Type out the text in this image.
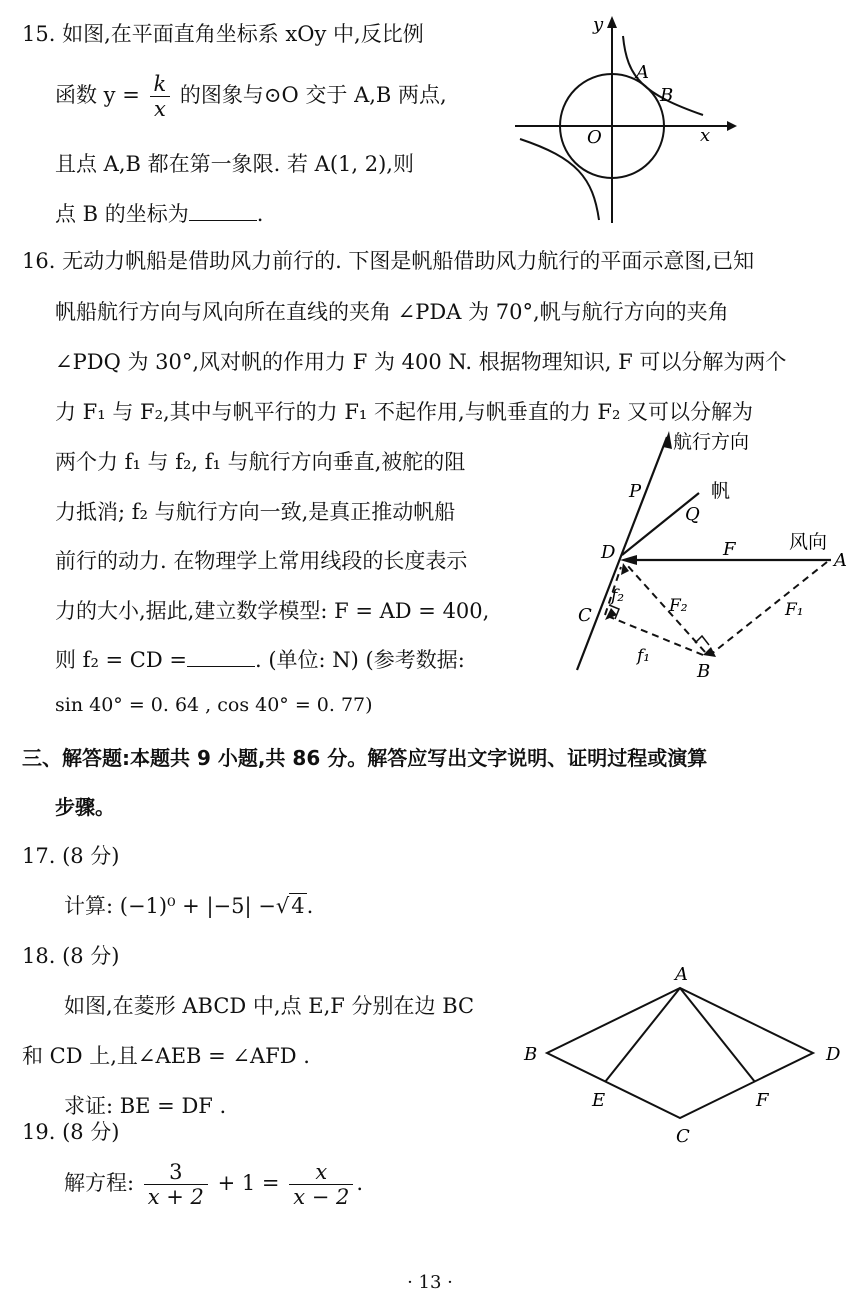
15. 如图,在平面直角坐标系 xOy 中,反比例
函数 $y = \frac{k}{x}$ 的图象与⊙O 交于 A,B 两点,
且点 A,B 都在第一象限. 若 A(1, 2),则
点 B 的坐标为	.
y
x
O
A
B
16. 无动力帆船是借助风力前行的. 下图是帆船借助风力航行的平面示意图,已知
帆船航行方向与风向所在直线的夹角 ∠PDA 为 70°,帆与航行方向的夹角
∠PDQ 为 30°,风对帆的作用力 F 为 400 N. 根据物理知识, F 可以分解为两个
力 F₁ 与 F₂,其中与帆平行的力 F₁ 不起作用,与帆垂直的力 F₂ 又可以分解为
两个力 f₁ 与 f₂, f₁ 与航行方向垂直,被舵的阻
力抵消; f₂ 与航行方向一致,是真正推动帆船
前行的动力. 在物理学上常用线段的长度表示
力的大小,据此,建立数学模型: F = AD = 400,
则 f₂ = CD =	. (单位: N) (参考数据:
sin 40° = 0. 64 , cos 40° = 0. 77)
航行方向
帆
风向
P
Q
D	A
B
C
F
F₁
F₂
f₁
f₂
三、解答题:本题共 9 小题,共 86 分。解答应写出文字说明、证明过程或演算
步骤。
17. (8 分)
计算: (−1)⁰ + |−5| −√4.
18. (8 分)
如图,在菱形 ABCD 中,点 E,F 分别在边 BC
和 CD 上,且∠AEB = ∠AFD .
求证: BE = DF .
A
B
C
D
E	F
19. (8 分)
解方程: $\frac{3}{x + 2} + 1 = \frac{x}{x - 2}$ .
· 13 ·
